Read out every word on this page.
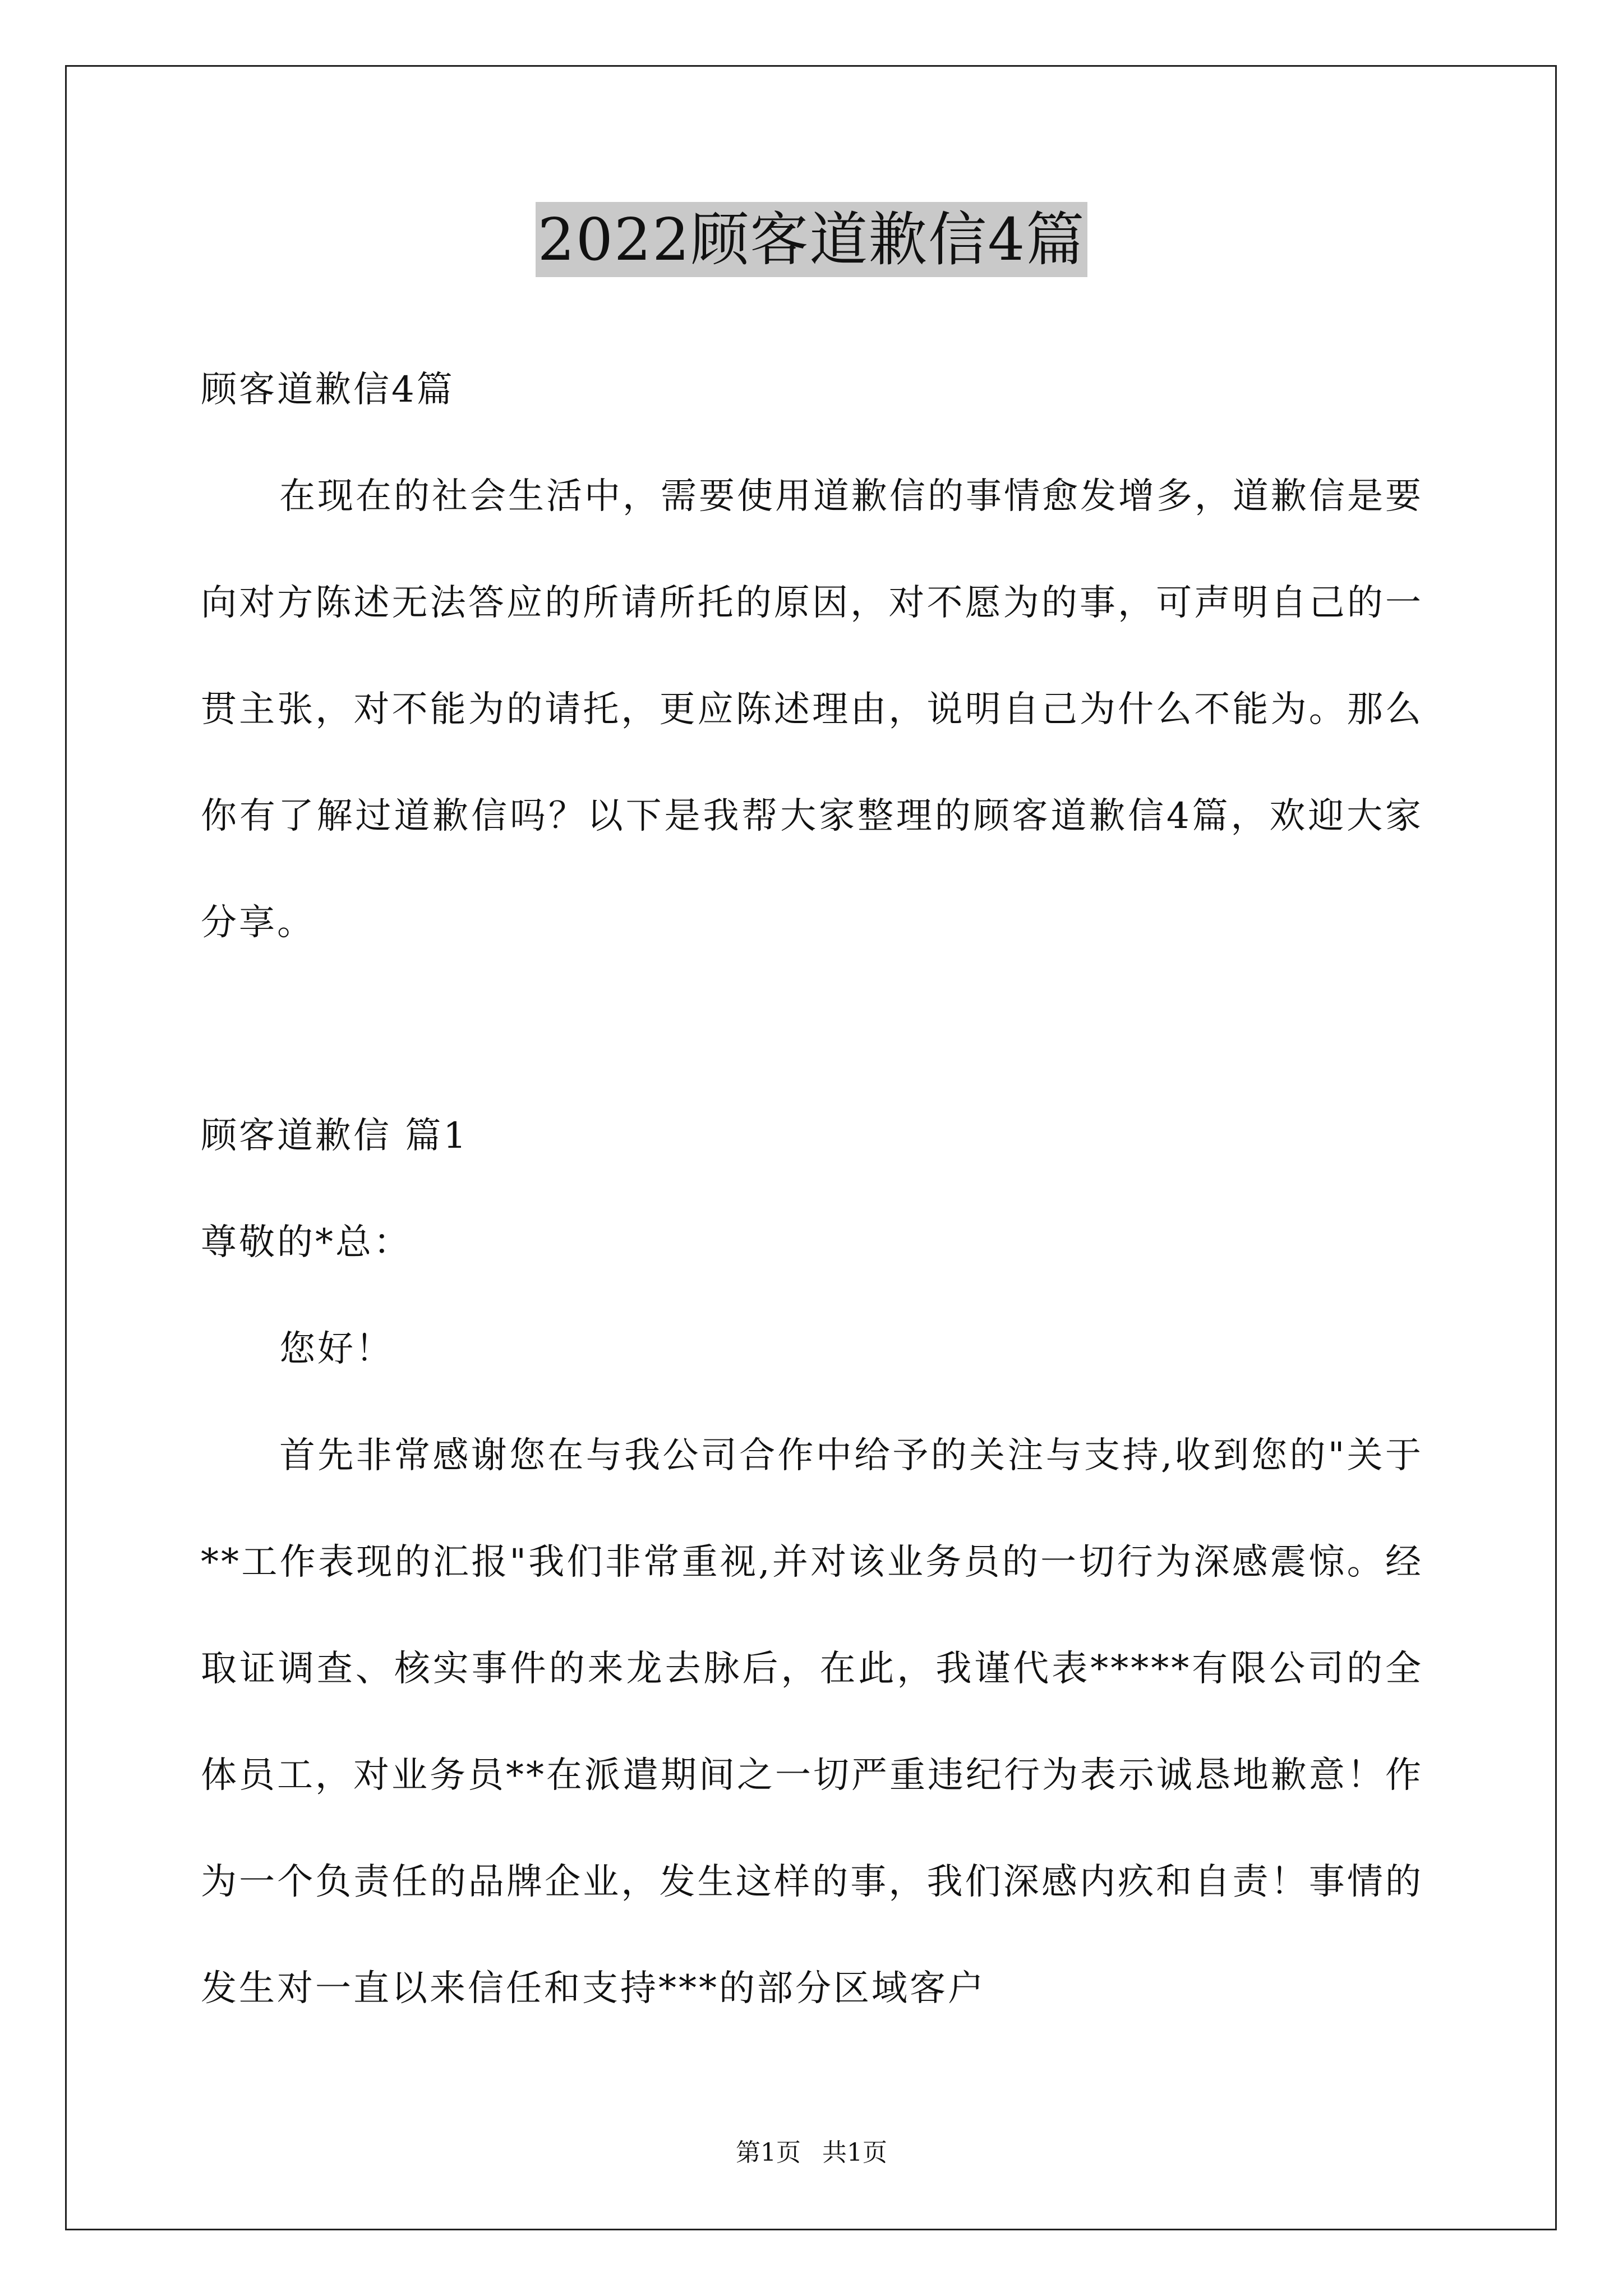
2022顾客道歉信4篇

顾客道歉信4篇

在现在的社会生活中，需要使用道歉信的事情愈发增多，道歉信是要向对方陈述无法答应的所请所托的原因，对不愿为的事，可声明自己的一贯主张，对不能为的请托，更应陈述理由，说明自己为什么不能为。那么你有了解过道歉信吗？以下是我帮大家整理的顾客道歉信4篇，欢迎大家分享。

顾客道歉信 篇1

尊敬的*总：

您好！

首先非常感谢您在与我公司合作中给予的关注与支持,收到您的"关于**工作表现的汇报"我们非常重视,并对该业务员的一切行为深感震惊。经取证调查、核实事件的来龙去脉后，在此，我谨代表*****有限公司的全体员工，对业务员**在派遣期间之一切严重违纪行为表示诚恳地歉意！作为一个负责任的品牌企业，发生这样的事，我们深感内疚和自责！事情的发生对一直以来信任和支持***的部分区域客户

第1页 共1页
